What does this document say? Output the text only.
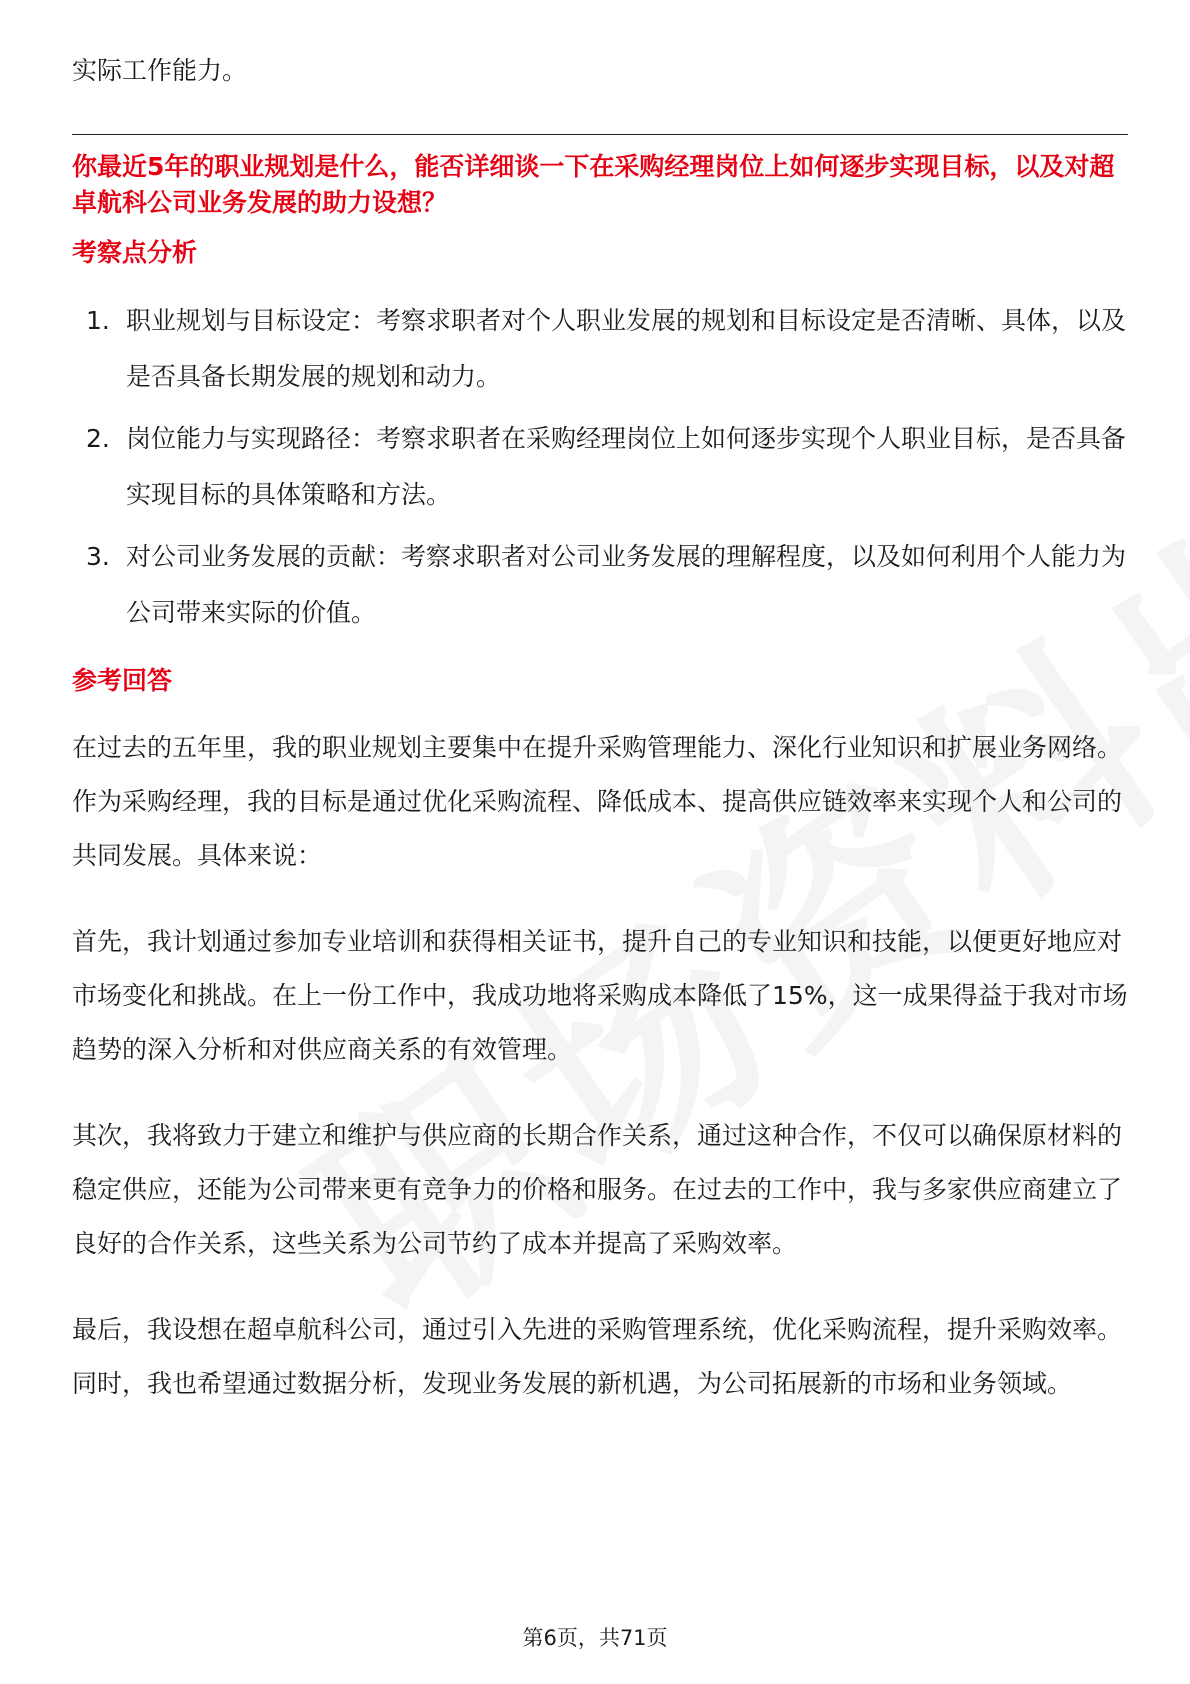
实际工作能力。

你最近5年的职业规划是什么，能否详细谈一下在采购经理岗位上如何逐步实现目标，以及对超卓航科公司业务发展的助力设想？
考察点分析
1. 职业规划与目标设定：考察求职者对个人职业发展的规划和目标设定是否清晰、具体，以及是否具备长期发展的规划和动力。
2. 岗位能力与实现路径：考察求职者在采购经理岗位上如何逐步实现个人职业目标，是否具备实现目标的具体策略和方法。
3. 对公司业务发展的贡献：考察求职者对公司业务发展的理解程度，以及如何利用个人能力为公司带来实际的价值。
参考回答

在过去的五年里，我的职业规划主要集中在提升采购管理能力、深化行业知识和扩展业务网络。作为采购经理，我的目标是通过优化采购流程、降低成本、提高供应链效率来实现个人和公司的共同发展。具体来说：

首先，我计划通过参加专业培训和获得相关证书，提升自己的专业知识和技能，以便更好地应对市场变化和挑战。在上一份工作中，我成功地将采购成本降低了15%，这一成果得益于我对市场趋势的深入分析和对供应商关系的有效管理。

其次，我将致力于建立和维护与供应商的长期合作关系，通过这种合作，不仅可以确保原材料的稳定供应，还能为公司带来更有竞争力的价格和服务。在过去的工作中，我与多家供应商建立了良好的合作关系，这些关系为公司节约了成本并提高了采购效率。

最后，我设想在超卓航科公司，通过引入先进的采购管理系统，优化采购流程，提升采购效率。同时，我也希望通过数据分析，发现业务发展的新机遇，为公司拓展新的市场和业务领域。

第6页，共71页
